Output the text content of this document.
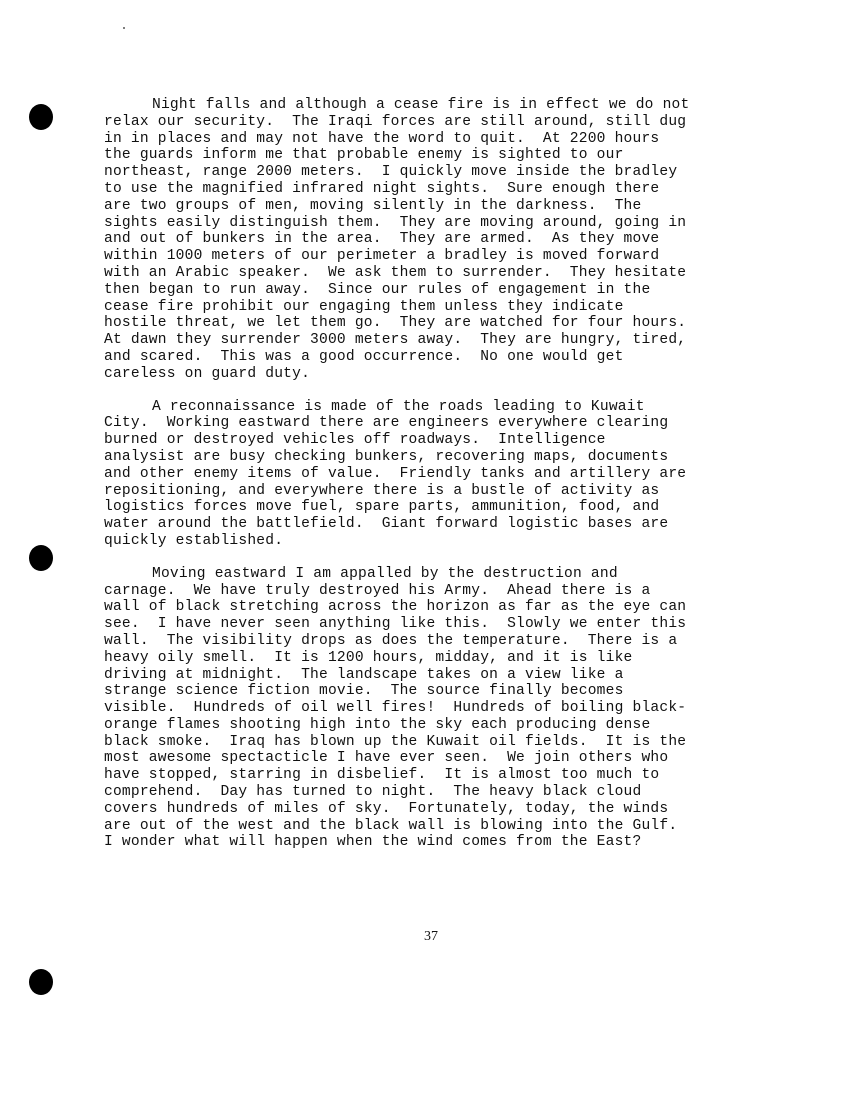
Night falls and although a cease fire is in effect we do not
relax our security.  The Iraqi forces are still around, still dug
in in places and may not have the word to quit.  At 2200 hours
the guards inform me that probable enemy is sighted to our
northeast, range 2000 meters.  I quickly move inside the bradley
to use the magnified infrared night sights.  Sure enough there
are two groups of men, moving silently in the darkness.  The
sights easily distinguish them.  They are moving around, going in
and out of bunkers in the area.  They are armed.  As they move
within 1000 meters of our perimeter a bradley is moved forward
with an Arabic speaker.  We ask them to surrender.  They hesitate
then began to run away.  Since our rules of engagement in the
cease fire prohibit our engaging them unless they indicate
hostile threat, we let them go.  They are watched for four hours.
At dawn they surrender 3000 meters away.  They are hungry, tired,
and scared.  This was a good occurrence.  No one would get
careless on guard duty.

A reconnaissance is made of the roads leading to Kuwait
City.  Working eastward there are engineers everywhere clearing
burned or destroyed vehicles off roadways.  Intelligence
analysist are busy checking bunkers, recovering maps, documents
and other enemy items of value.  Friendly tanks and artillery are
repositioning, and everywhere there is a bustle of activity as
logistics forces move fuel, spare parts, ammunition, food, and
water around the battlefield.  Giant forward logistic bases are
quickly established.

Moving eastward I am appalled by the destruction and
carnage.  We have truly destroyed his Army.  Ahead there is a
wall of black stretching across the horizon as far as the eye can
see.  I have never seen anything like this.  Slowly we enter this
wall.  The visibility drops as does the temperature.  There is a
heavy oily smell.  It is 1200 hours, midday, and it is like
driving at midnight.  The landscape takes on a view like a
strange science fiction movie.  The source finally becomes
visible.  Hundreds of oil well fires!  Hundreds of boiling black-
orange flames shooting high into the sky each producing dense
black smoke.  Iraq has blown up the Kuwait oil fields.  It is the
most awesome spectacticle I have ever seen.  We join others who
have stopped, starring in disbelief.  It is almost too much to
comprehend.  Day has turned to night.  The heavy black cloud
covers hundreds of miles of sky.  Fortunately, today, the winds
are out of the west and the black wall is blowing into the Gulf.
I wonder what will happen when the wind comes from the East?

37
